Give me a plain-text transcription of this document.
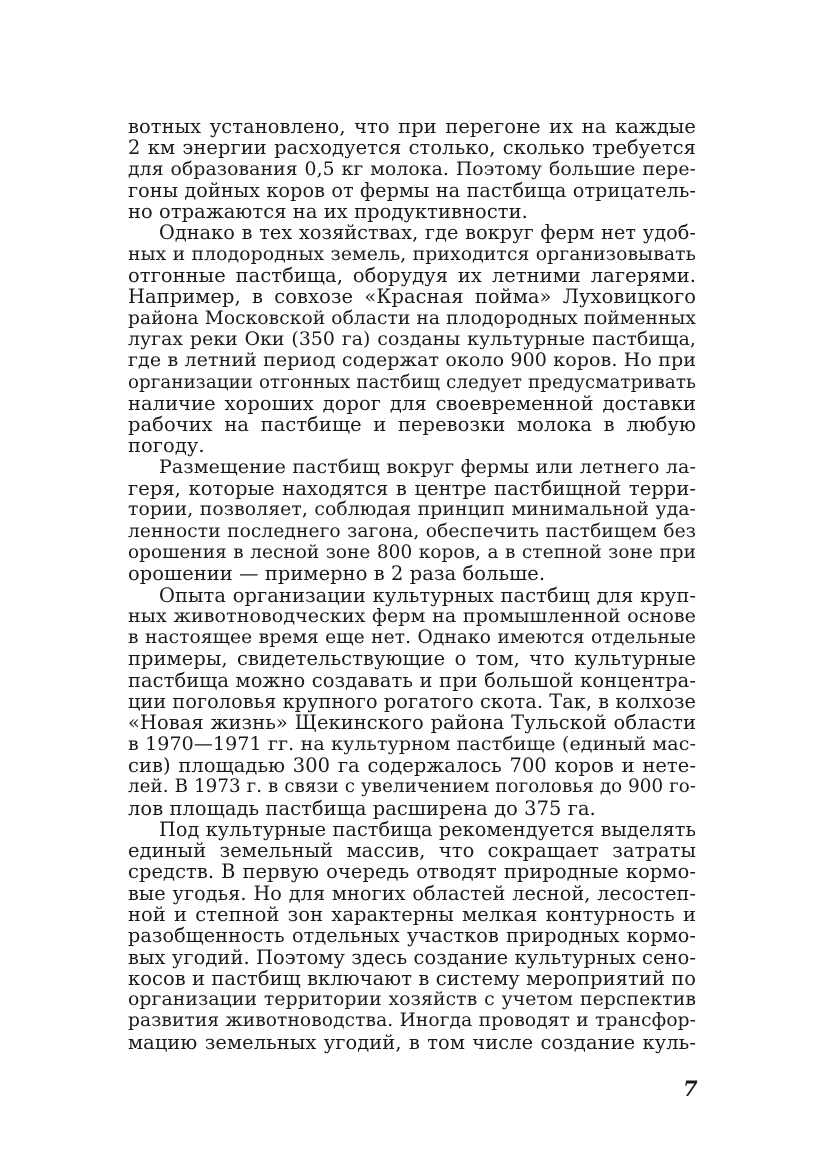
вотных установлено, что при перегоне их на каждые
2 км энергии расходуется столько, сколько требуется
для образования 0,5 кг молока. Поэтому большие пере-
гоны дойных коров от фермы на пастбища отрицатель-
но отражаются на их продуктивности.
Однако в тех хозяйствах, где вокруг ферм нет удоб-
ных и плодородных земель, приходится организовывать
отгонные пастбища, оборудуя их летними лагерями.
Например, в совхозе «Красная пойма» Луховицкого
района Московской области на плодородных пойменных
лугах реки Оки (350 га) созданы культурные пастбища,
где в летний период содержат около 900 коров. Но при
организации отгонных пастбищ следует предусматривать
наличие хороших дорог для своевременной доставки
рабочих на пастбище и перевозки молока в любую
погоду.
Размещение пастбищ вокруг фермы или летнего ла-
геря, которые находятся в центре пастбищной терри-
тории, позволяет, соблюдая принцип минимальной уда-
ленности последнего загона, обеспечить пастбищем без
орошения в лесной зоне 800 коров, а в степной зоне при
орошении — примерно в 2 раза больше.
Опыта организации культурных пастбищ для круп-
ных животноводческих ферм на промышленной основе
в настоящее время еще нет. Однако имеются отдельные
примеры, свидетельствующие о том, что культурные
пастбища можно создавать и при большой концентра-
ции поголовья крупного рогатого скота. Так, в колхозе
«Новая жизнь» Щекинского района Тульской области
в 1970—1971 гг. на культурном пастбище (единый мас-
сив) площадью 300 га содержалось 700 коров и нете-
лей. В 1973 г. в связи с увеличением поголовья до 900 го-
лов площадь пастбища расширена до 375 га.
Под культурные пастбища рекомендуется выделять
единый земельный массив, что сокращает затраты
средств. В первую очередь отводят природные кормо-
вые угодья. Но для многих областей лесной, лесостеп-
ной и степной зон характерны мелкая контурность и
разобщенность отдельных участков природных кормо-
вых угодий. Поэтому здесь создание культурных сено-
косов и пастбищ включают в систему мероприятий по
организации территории хозяйств с учетом перспектив
развития животноводства. Иногда проводят и трансфор-
мацию земельных угодий, в том числе создание куль-
7
